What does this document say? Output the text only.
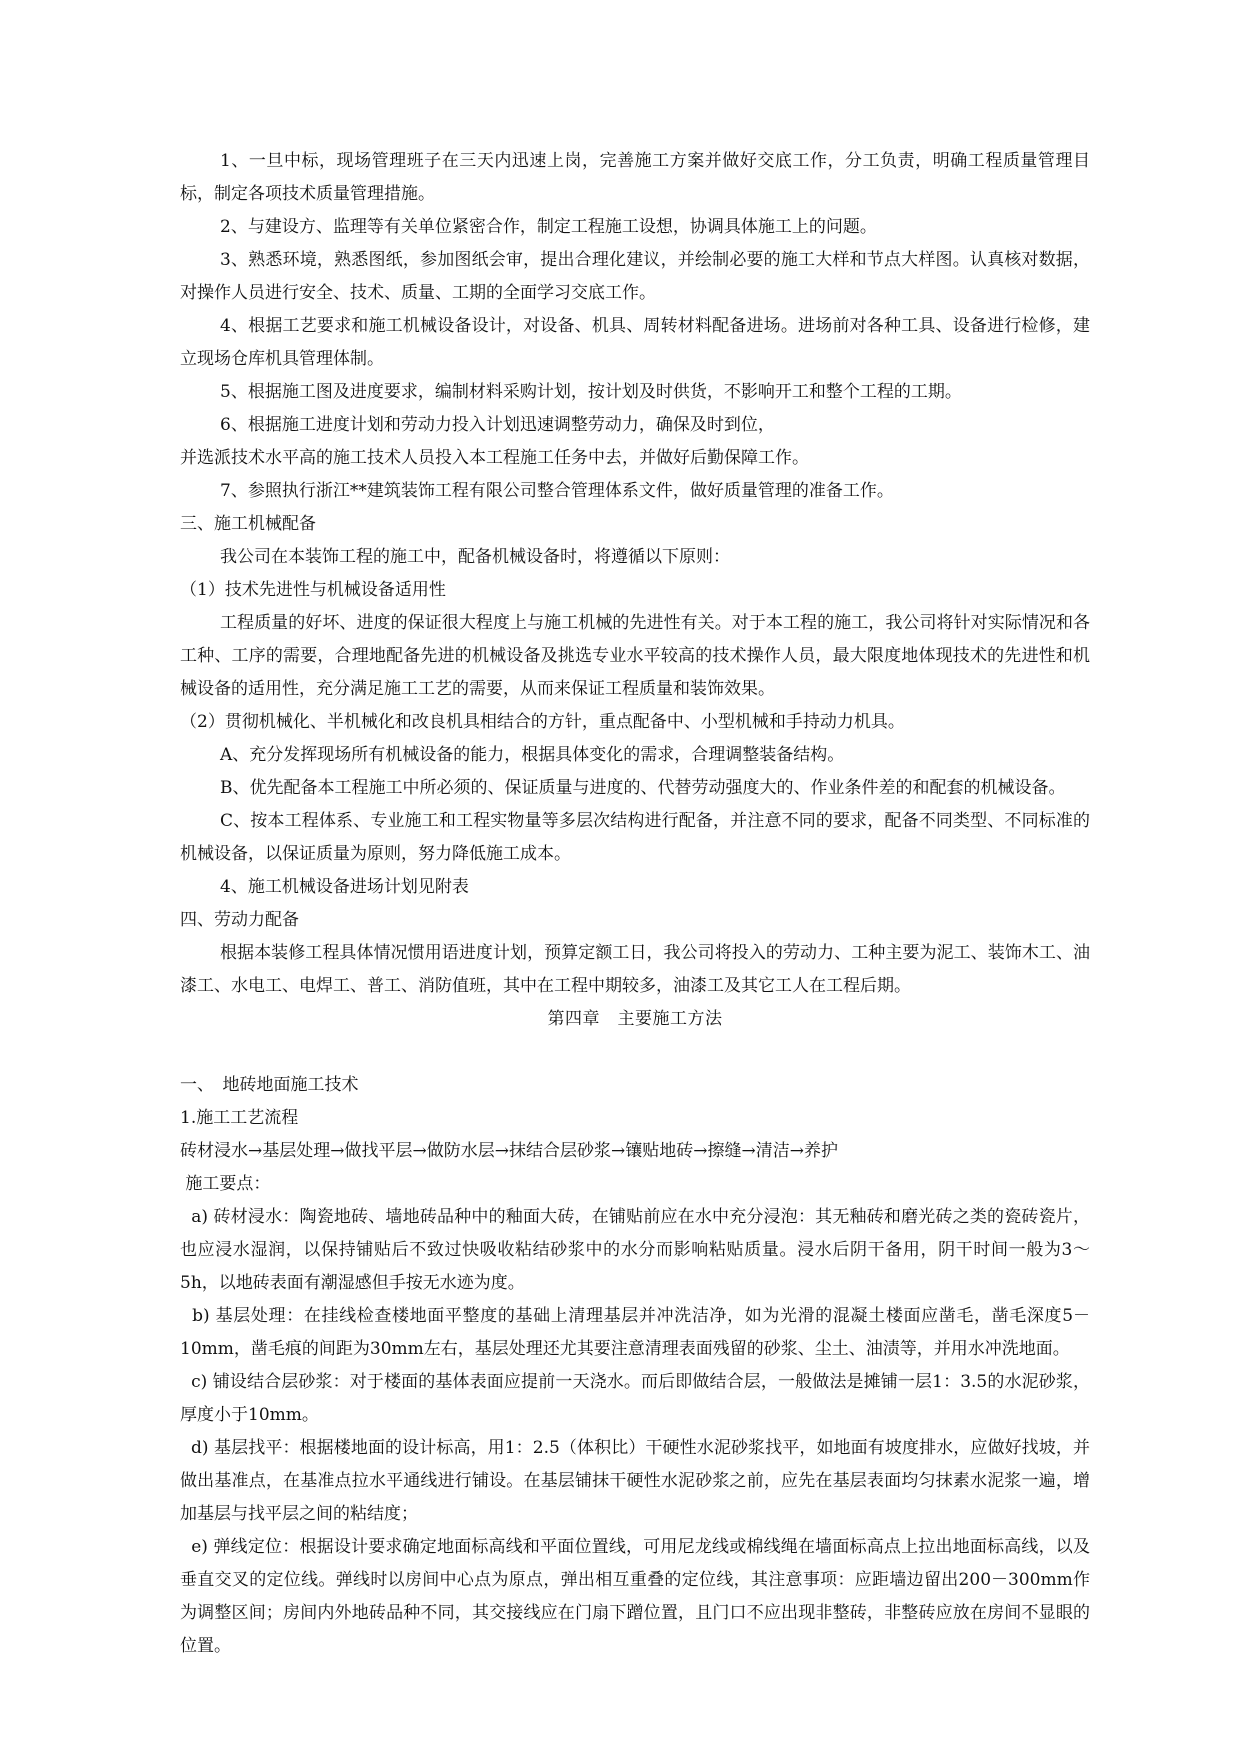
1、一旦中标，现场管理班子在三天内迅速上岗，完善施工方案并做好交底工作，分工负责，明确工程质量管理目标，制定各项技术质量管理措施。

2、与建设方、监理等有关单位紧密合作，制定工程施工设想，协调具体施工上的问题。

3、熟悉环境，熟悉图纸，参加图纸会审，提出合理化建议，并绘制必要的施工大样和节点大样图。认真核对数据，对操作人员进行安全、技术、质量、工期的全面学习交底工作。

4、根据工艺要求和施工机械设备设计，对设备、机具、周转材料配备进场。进场前对各种工具、设备进行检修，建立现场仓库机具管理体制。

5、根据施工图及进度要求，编制材料采购计划，按计划及时供货，不影响开工和整个工程的工期。

6、根据施工进度计划和劳动力投入计划迅速调整劳动力，确保及时到位，

并选派技术水平高的施工技术人员投入本工程施工任务中去，并做好后勤保障工作。

7、参照执行浙江**建筑装饰工程有限公司整合管理体系文件，做好质量管理的准备工作。

三、施工机械配备

我公司在本装饰工程的施工中，配备机械设备时，将遵循以下原则：

（1）技术先进性与机械设备适用性

工程质量的好坏、进度的保证很大程度上与施工机械的先进性有关。对于本工程的施工，我公司将针对实际情况和各工种、工序的需要，合理地配备先进的机械设备及挑选专业水平较高的技术操作人员，最大限度地体现技术的先进性和机械设备的适用性，充分满足施工工艺的需要，从而来保证工程质量和装饰效果。

（2）贯彻机械化、半机械化和改良机具相结合的方针，重点配备中、小型机械和手持动力机具。

A、充分发挥现场所有机械设备的能力，根据具体变化的需求，合理调整装备结构。

B、优先配备本工程施工中所必须的、保证质量与进度的、代替劳动强度大的、作业条件差的和配套的机械设备。

C、按本工程体系、专业施工和工程实物量等多层次结构进行配备，并注意不同的要求，配备不同类型、不同标准的机械设备，以保证质量为原则，努力降低施工成本。

4、施工机械设备进场计划见附表

四、劳动力配备

根据本装修工程具体情况惯用语进度计划，预算定额工日，我公司将投入的劳动力、工种主要为泥工、装饰木工、油漆工、水电工、电焊工、普工、消防值班，其中在工程中期较多，油漆工及其它工人在工程后期。

第四章　主要施工方法

一、　地砖地面施工技术

1.施工工艺流程

砖材浸水→基层处理→做找平层→做防水层→抹结合层砂浆→镶贴地砖→擦缝→清洁→养护

施工要点：

a) 砖材浸水：陶瓷地砖、墙地砖品种中的釉面大砖，在铺贴前应在水中充分浸泡：其无釉砖和磨光砖之类的瓷砖瓷片，也应浸水湿润，以保持铺贴后不致过快吸收粘结砂浆中的水分而影响粘贴质量。浸水后阴干备用，阴干时间一般为3～5h，以地砖表面有潮湿感但手按无水迹为度。

b) 基层处理：在挂线检查楼地面平整度的基础上清理基层并冲洗洁净，如为光滑的混凝土楼面应凿毛，凿毛深度5－10mm，凿毛痕的间距为30mm左右，基层处理还尤其要注意清理表面残留的砂浆、尘土、油渍等，并用水冲洗地面。

c) 铺设结合层砂浆：对于楼面的基体表面应提前一天浇水。而后即做结合层，一般做法是摊铺一层1：3.5的水泥砂浆，厚度小于10mm。

d) 基层找平：根据楼地面的设计标高，用1：2.5（体积比）干硬性水泥砂浆找平，如地面有坡度排水，应做好找坡，并做出基准点，在基准点拉水平通线进行铺设。在基层铺抹干硬性水泥砂浆之前，应先在基层表面均匀抹素水泥浆一遍，增加基层与找平层之间的粘结度；

e) 弹线定位：根据设计要求确定地面标高线和平面位置线，可用尼龙线或棉线绳在墙面标高点上拉出地面标高线，以及垂直交叉的定位线。弹线时以房间中心点为原点，弹出相互重叠的定位线，其注意事项：应距墙边留出200－300mm作为调整区间；房间内外地砖品种不同，其交接线应在门扇下蹭位置，且门口不应出现非整砖，非整砖应放在房间不显眼的位置。
